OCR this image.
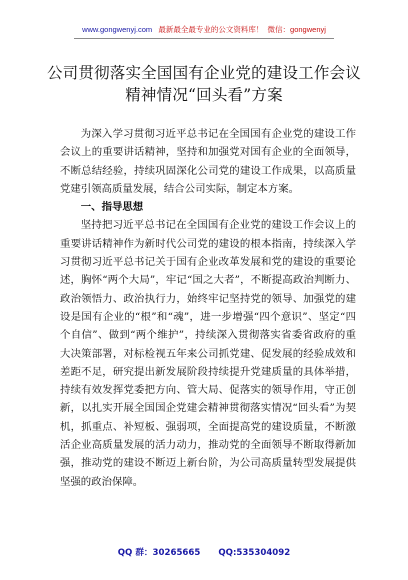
www.gongwenyj.com 最新最全最专业的公文资料库！ 微信：gongwenyj
公司贯彻落实全国国有企业党的建设工作会议
精神情况“回头看”方案

为深入学习贯彻习近平总书记在全国国有企业党的建设工作会议上的重要讲话精神，坚持和加强党对国有企业的全面领导，不断总结经验，持续巩固深化公司党的建设工作成果，以高质量党建引领高质量发展，结合公司实际，制定本方案。

一、指导思想

坚持把习近平总书记在全国国有企业党的建设工作会议上的重要讲话精神作为新时代公司党的建设的根本指南，持续深入学习贯彻习近平总书记关于国有企业改革发展和党的建设的重要论述，胸怀“两个大局”，牢记“国之大者”，不断提高政治判断力、政治领悟力、政治执行力，始终牢记坚持党的领导、加强党的建设是国有企业的“根”和“魂”，进一步增强“四个意识”、坚定“四个自信”、做到“两个维护”，持续深入贯彻落实省委省政府的重大决策部署，对标检视五年来公司抓党建、促发展的经验成效和差距不足，研究提出新发展阶段持续提升党建质量的具体举措，持续有效发挥党委把方向、管大局、促落实的领导作用，守正创新，以扎实开展全国国企党建会精神贯彻落实情况“回头看”为契机，抓重点、补短板、强弱项，全面提高党的建设质量，不断激活企业高质量发展的活力动力，推动党的全面领导不断取得新加强，推动党的建设不断迈上新台阶，为公司高质量转型发展提供坚强的政治保障。

QQ 群：30265665 QQ:535304092
